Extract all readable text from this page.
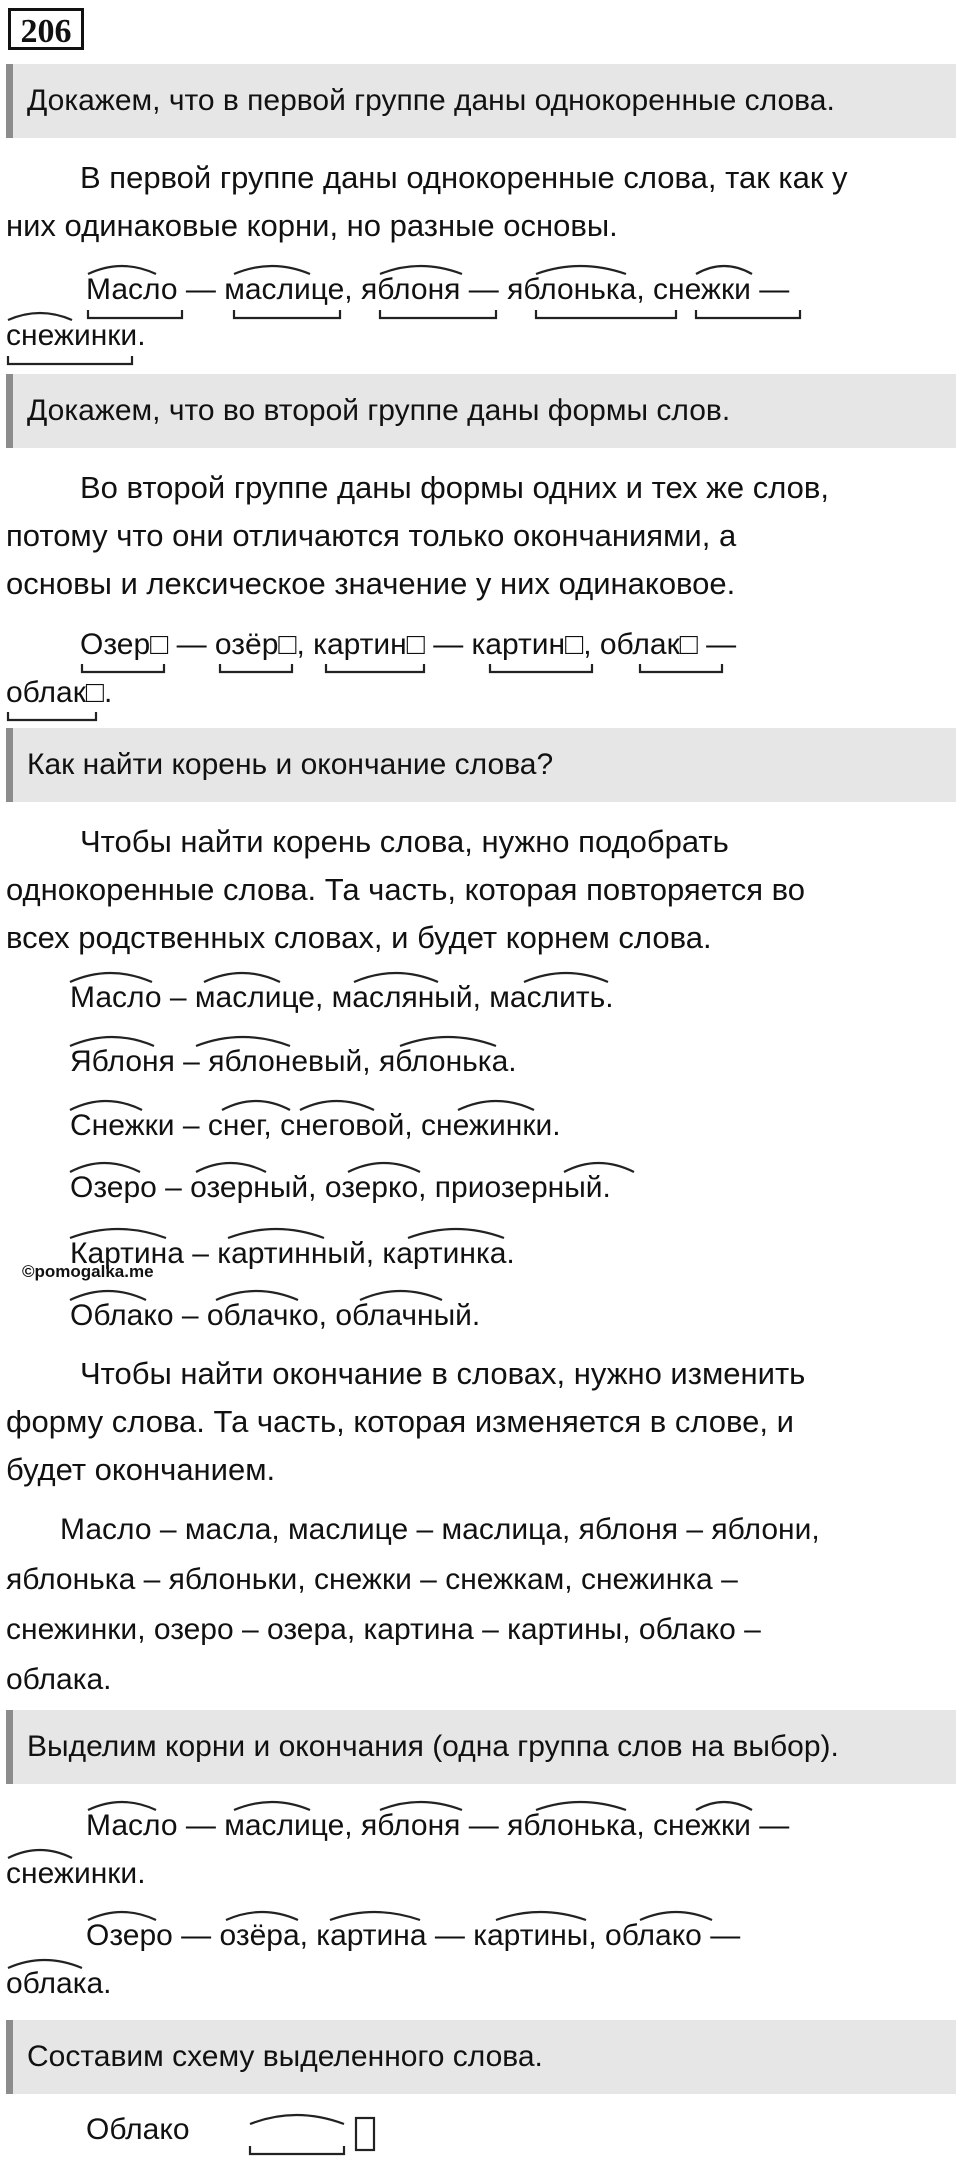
206
Докажем, что в первой группе даны однокоренные слова.
В первой группе даны однокоренные слова, так как у
них одинаковые корни, но разные основы.
Масло — маслице, яблоня — яблонька, снежки —
снежинки.
Докажем, что во второй группе даны формы слов.
Во второй группе даны формы одних и тех же слов,
потому что они отличаются только окончаниями, а
основы и лексическое значение у них одинаковое.
Озер□ — озёр□, картин□ — картин□, облак□ —
облак□.
Как найти корень и окончание слова?
Чтобы найти корень слова, нужно подобрать
однокоренные слова. Та часть, которая повторяется во
всех родственных словах, и будет корнем слова.
Масло – маслице, масляный, маслить.
Яблоня – яблоневый, яблонька.
Снежки – снег, снеговой, снежинки.
Озеро – озерный, озерко, приозерный.
Картина – картинный, картинка.
©pomogalka.me
Облако – облачко, облачный.
Чтобы найти окончание в словах, нужно изменить
форму слова. Та часть, которая изменяется в слове, и
будет окончанием.
Масло – масла, маслице – маслица, яблоня – яблони,
яблонька – яблоньки, снежки – снежкам, снежинка –
снежинки, озеро – озера, картина – картины, облако –
облака.
Выделим корни и окончания (одна группа слов на выбор).
Масло — маслице, яблоня — яблонька, снежки —
снежинки.
Озеро — озёра, картина — картины, облако —
облака.
Составим схему выделенного слова.
Облако
